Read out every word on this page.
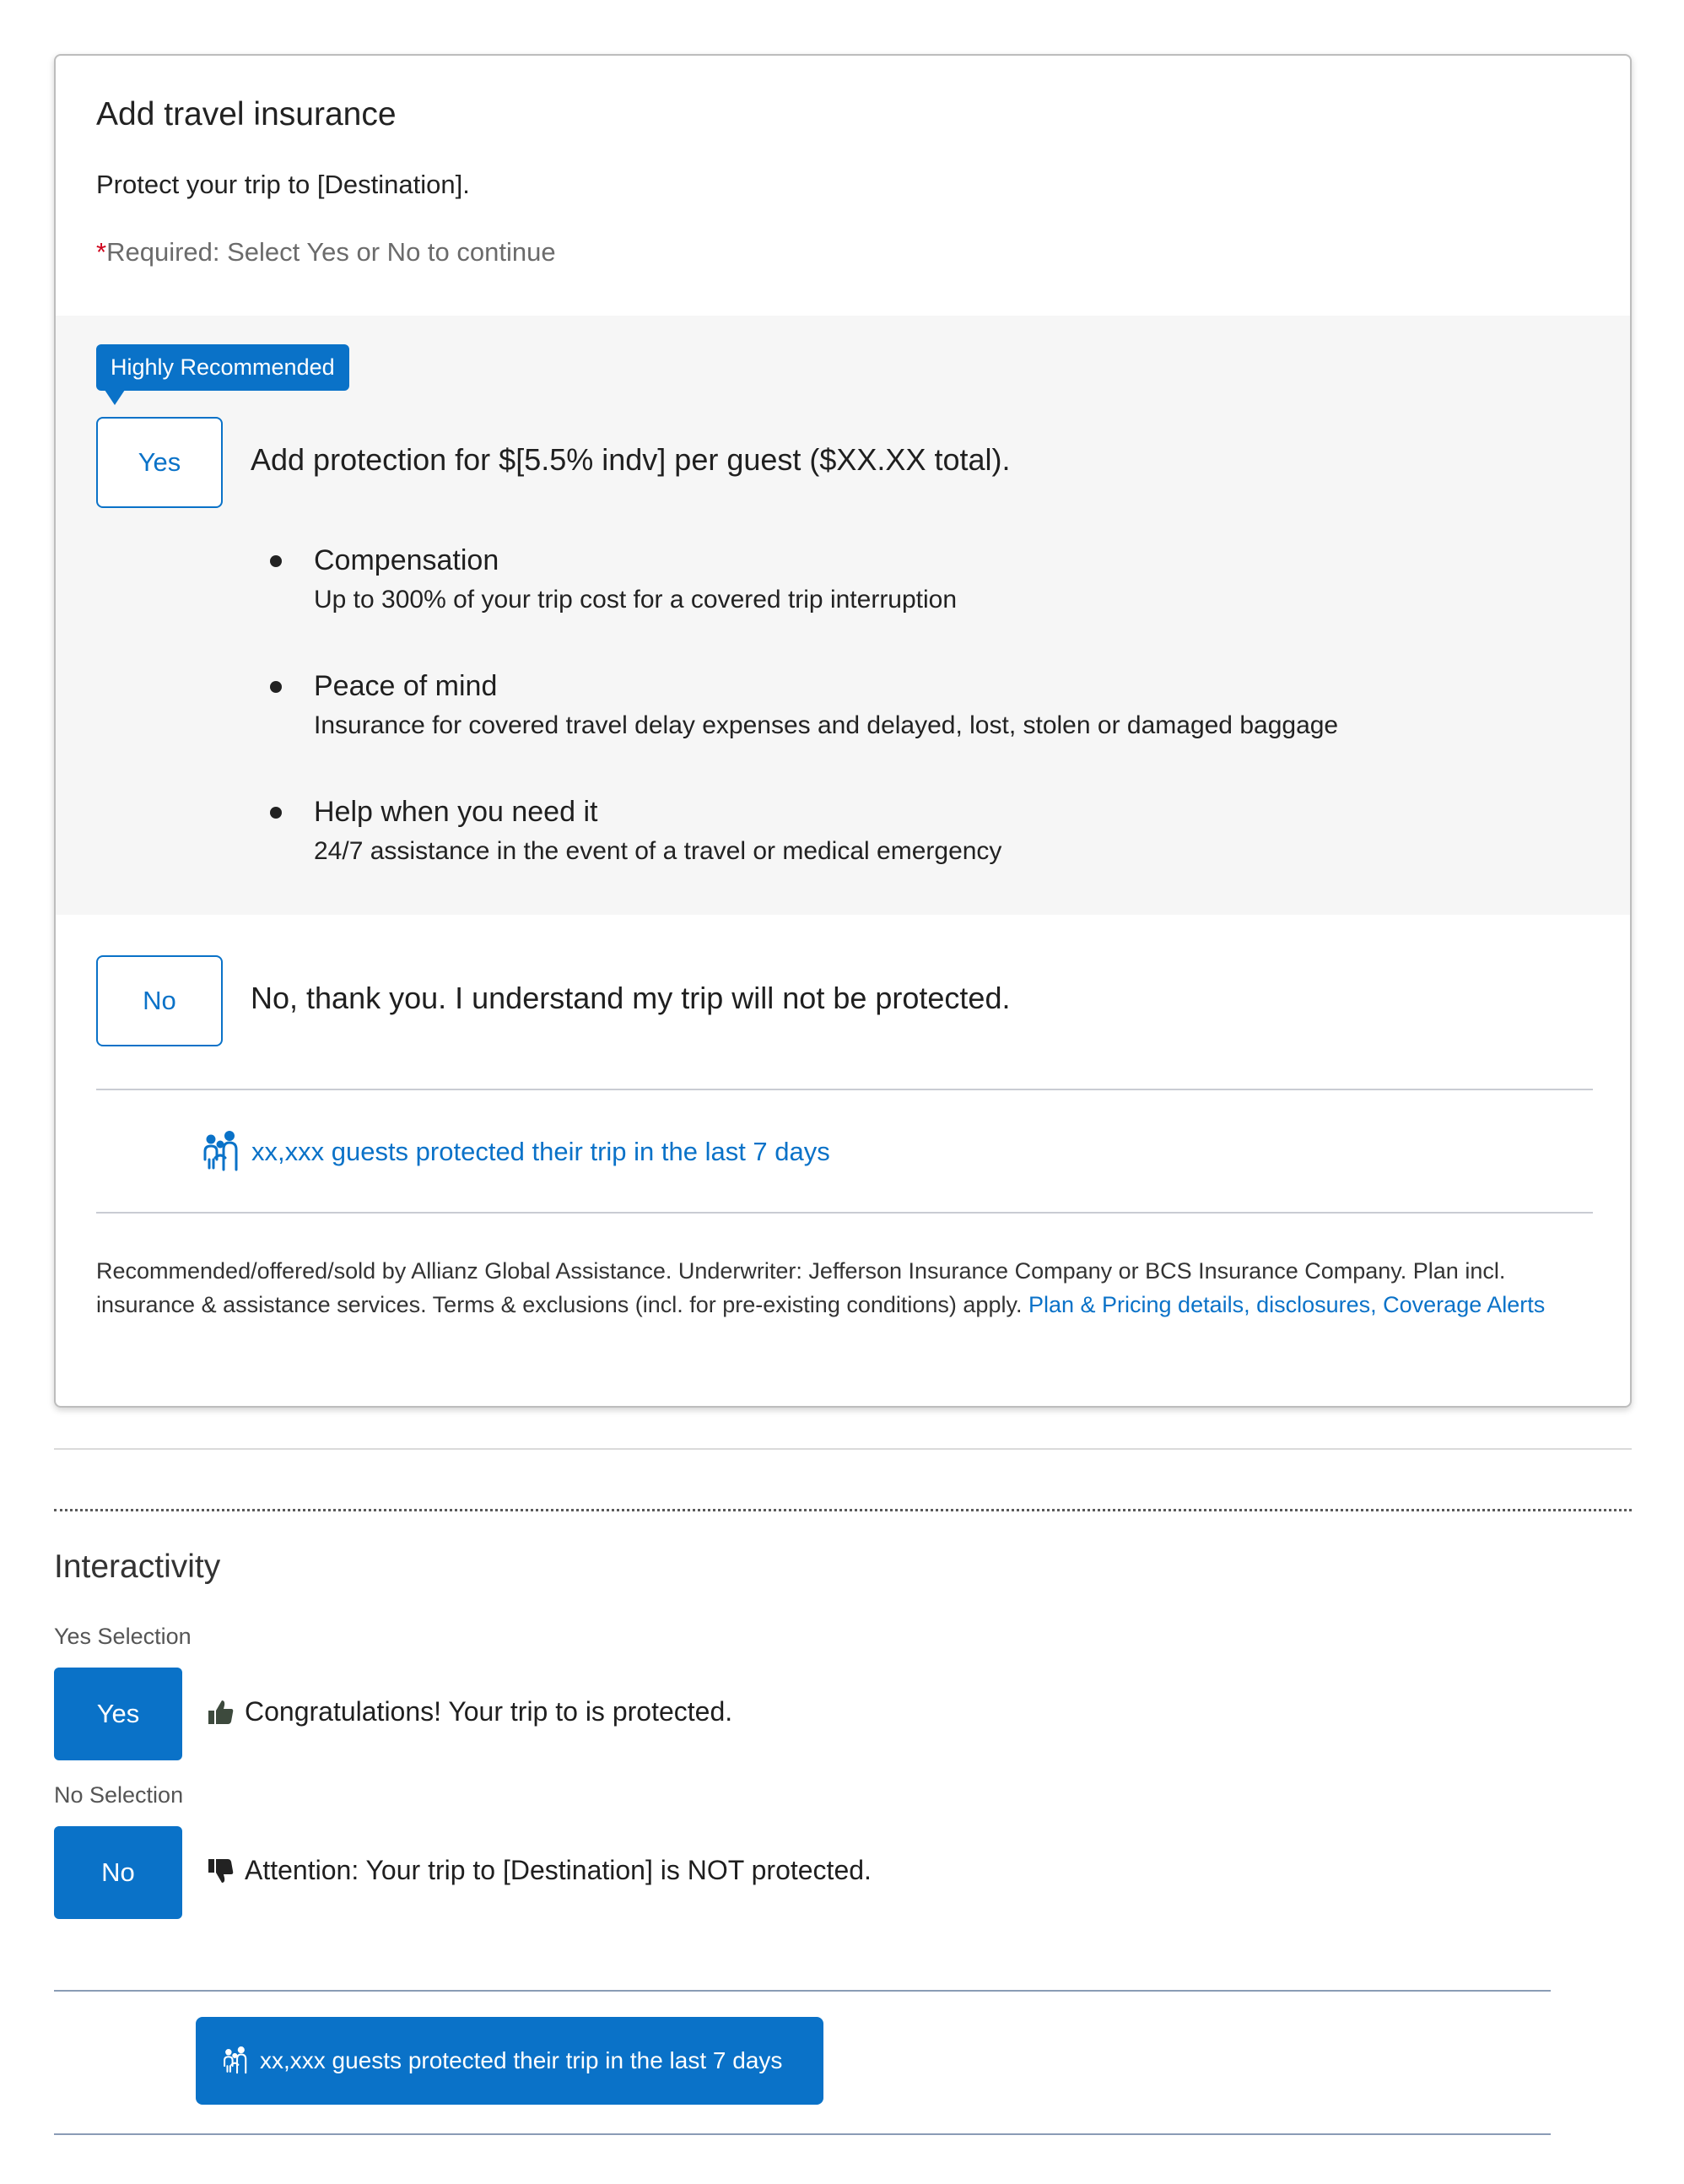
Add travel insurance
Protect your trip to [Destination].
*Required: Select Yes or No to continue
Highly Recommended
Yes	Add protection for $[5.5% indv] per guest ($XX.XX total).
Compensation
Up to 300% of your trip cost for a covered trip interruption
Peace of mind
Insurance for covered travel delay expenses and delayed, lost, stolen or damaged baggage
Help when you need it
24/7 assistance in the event of a travel or medical emergency
No	No, thank you. I understand my trip will not be protected.
xx,xxx guests protected their trip in the last 7 days
Recommended/offered/sold by Allianz Global Assistance. Underwriter: Jefferson Insurance Company or BCS Insurance Company. Plan incl. insurance & assistance services. Terms & exclusions (incl. for pre-existing conditions) apply. Plan & Pricing details, disclosures, Coverage Alerts
Interactivity
Yes Selection
Yes	Congratulations! Your trip to is protected.
No Selection
No	Attention: Your trip to [Destination] is NOT protected.
xx,xxx guests protected their trip in the last 7 days
